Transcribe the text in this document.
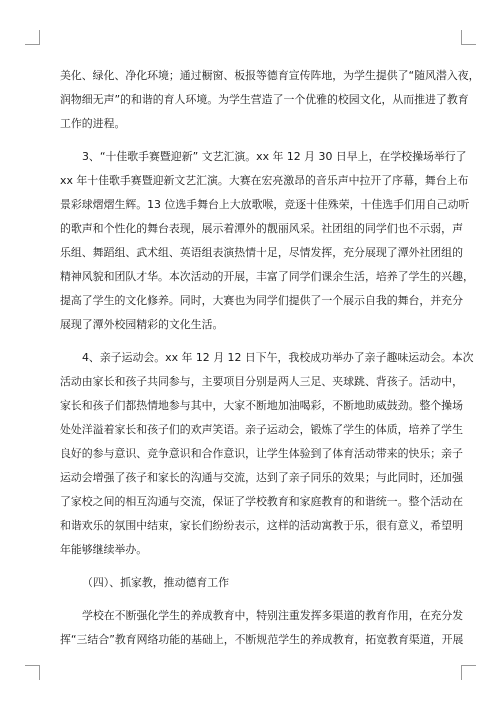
美化、绿化、净化环境；通过橱窗、板报等德育宣传阵地，为学生提供了“随风潜入夜，
润物细无声”的和谐的育人环境。为学生营造了一个优雅的校园文化，从而推进了教育
工作的进程。
3、“十佳歌手赛暨迎新” 文艺汇演。xx 年 12 月 30 日早上，在学校操场举行了
xx 年十佳歌手赛暨迎新文艺汇演。大赛在宏亮激昂的音乐声中拉开了序幕，舞台上布
景彩球熠熠生辉。13 位选手舞台上大放歌喉，竞逐十佳殊荣，十佳选手们用自己动听
的歌声和个性化的舞台表现，展示着潭外的靓丽风采。社团组的同学们也不示弱，声
乐组、舞蹈组、武术组、英语组表演热情十足，尽情发挥，充分展现了潭外社团组的
精神风貌和团队才华。本次活动的开展，丰富了同学们课余生活，培养了学生的兴趣，
提高了学生的文化修养。同时，大赛也为同学们提供了一个展示自我的舞台，并充分
展现了潭外校园精彩的文化生活。
4、亲子运动会。xx 年 12 月 12 日下午，我校成功举办了亲子趣味运动会。本次
活动由家长和孩子共同参与，主要项目分别是两人三足、夹球跳、背孩子。活动中，
家长和孩子们都热情地参与其中，大家不断地加油喝彩，不断地助威鼓劲。整个操场
处处洋溢着家长和孩子们的欢声笑语。亲子运动会，锻炼了学生的体质，培养了学生
良好的参与意识、竞争意识和合作意识，让学生体验到了体育活动带来的快乐；亲子
运动会增强了孩子和家长的沟通与交流，达到了亲子同乐的效果；与此同时，还加强
了家校之间的相互沟通与交流，保证了学校教育和家庭教育的和谐统一。整个活动在
和谐欢乐的氛围中结束，家长们纷纷表示，这样的活动寓教于乐，很有意义，希望明
年能够继续举办。
（四）、抓家教，推动德育工作
学校在不断强化学生的养成教育中，特别注重发挥多渠道的教育作用，在充分发
挥“三结合”教育网络功能的基础上，不断规范学生的养成教育，拓宽教育渠道，开展
